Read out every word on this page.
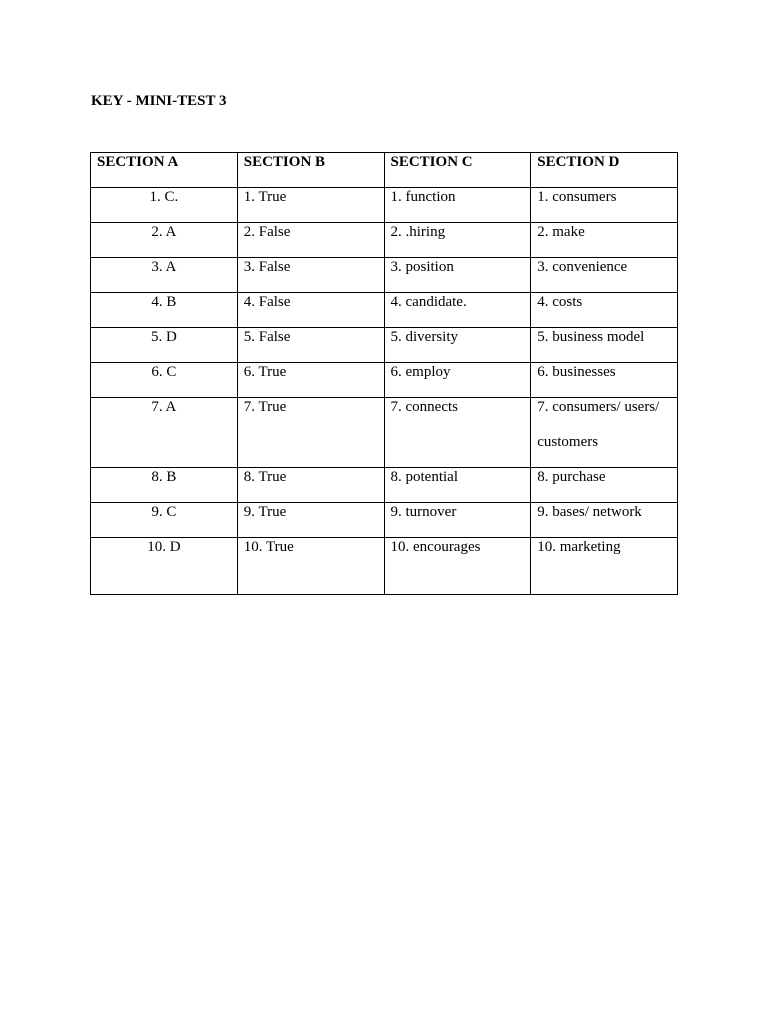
KEY - MINI-TEST 3
SECTION A	SECTION B	SECTION C	SECTION D
1. C.	1. True	1. function	1. consumers
2. A	2. False	2. .hiring	2. make
3. A	3. False	3. position	3. convenience
4. B	4. False	4. candidate.	4. costs
5. D	5. False	5. diversity	5. business model
6. C	6. True	6. employ	6. businesses
7. A	7. True	7. connects	7. consumers/ users/
customers

8. B	8. True	8. potential	8. purchase
9. C	9. True	9. turnover	9. bases/ network
10. D	10. True	10. encourages	10. marketing
